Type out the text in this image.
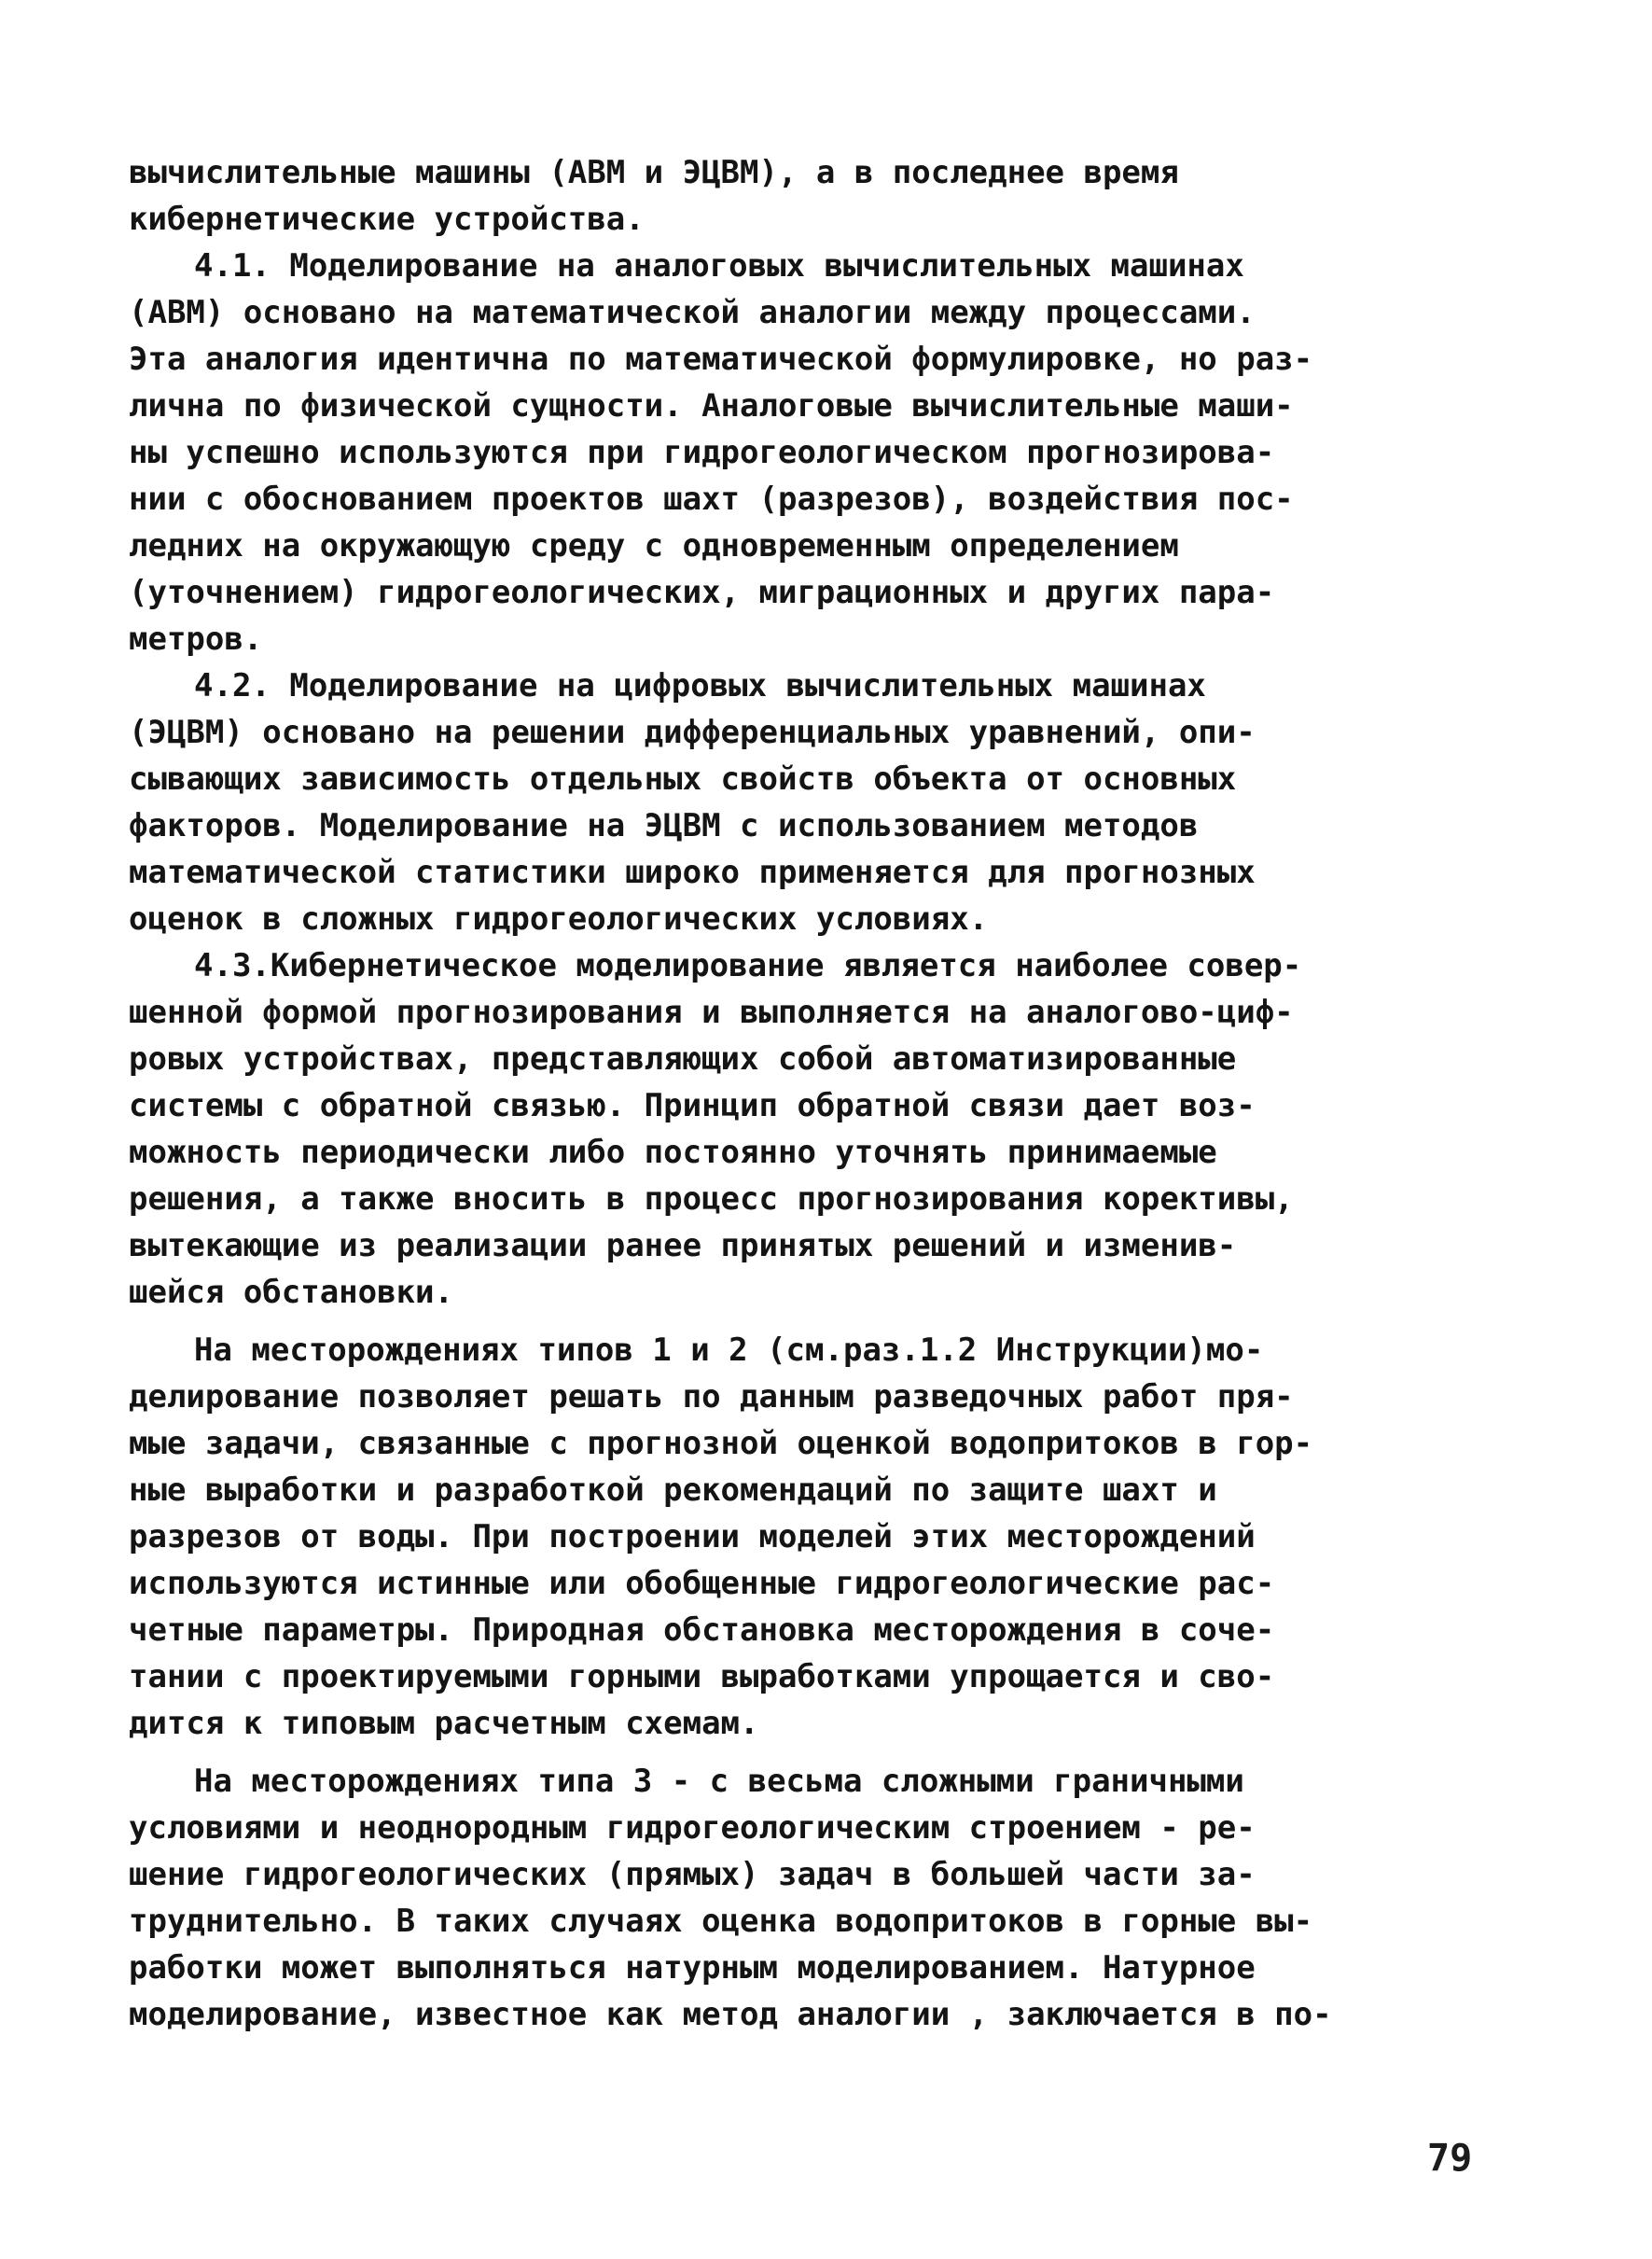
вычислительные машины (АВМ и ЭЦВМ), а в последнее время
кибернетические устройства.
4.1. Моделирование на аналоговых вычислительных машинах
(АВМ) основано на математической аналогии между процессами.
Эта аналогия идентична по математической формулировке, но раз-
лична по физической сущности. Аналоговые вычислительные маши-
ны успешно используются при гидрогеологическом прогнозирова-
нии с обоснованием проектов шахт (разрезов), воздействия пос-
ледних на окружающую среду с одновременным определением
(уточнением) гидрогеологических, миграционных и других пара-
метров.
4.2. Моделирование на цифровых вычислительных машинах
(ЭЦВМ) основано на решении дифференциальных уравнений, опи-
сывающих зависимость отдельных свойств объекта от основных
факторов. Моделирование на ЭЦВМ с использованием методов
математической статистики широко применяется для прогнозных
оценок в сложных гидрогеологических условиях.
4.3.Кибернетическое моделирование является наиболее совер-
шенной формой прогнозирования и выполняется на аналогово-циф-
ровых устройствах, представляющих собой автоматизированные
системы с обратной связью. Принцип обратной связи дает воз-
можность периодически либо постоянно уточнять принимаемые
решения, а также вносить в процесс прогнозирования корективы,
вытекающие из реализации ранее принятых решений и изменив-
шейся обстановки.
На месторождениях типов 1 и 2 (см.раз.1.2 Инструкции)мо-
делирование позволяет решать по данным разведочных работ пря-
мые задачи, связанные с прогнозной оценкой водопритоков в гор-
ные выработки и разработкой рекомендаций по защите шахт и
разрезов от воды. При построении моделей этих месторождений
используются истинные или обобщенные гидрогеологические рас-
четные параметры. Природная обстановка месторождения в соче-
тании с проектируемыми горными выработками упрощается и сво-
дится к типовым расчетным схемам.
На месторождениях типа 3 - с весьма сложными граничными
условиями и неоднородным гидрогеологическим строением - ре-
шение гидрогеологических (прямых) задач в большей части за-
труднительно. В таких случаях оценка водопритоков в горные вы-
работки может выполняться натурным моделированием. Натурное
моделирование, известное как метод аналогии , заключается в по-
79
